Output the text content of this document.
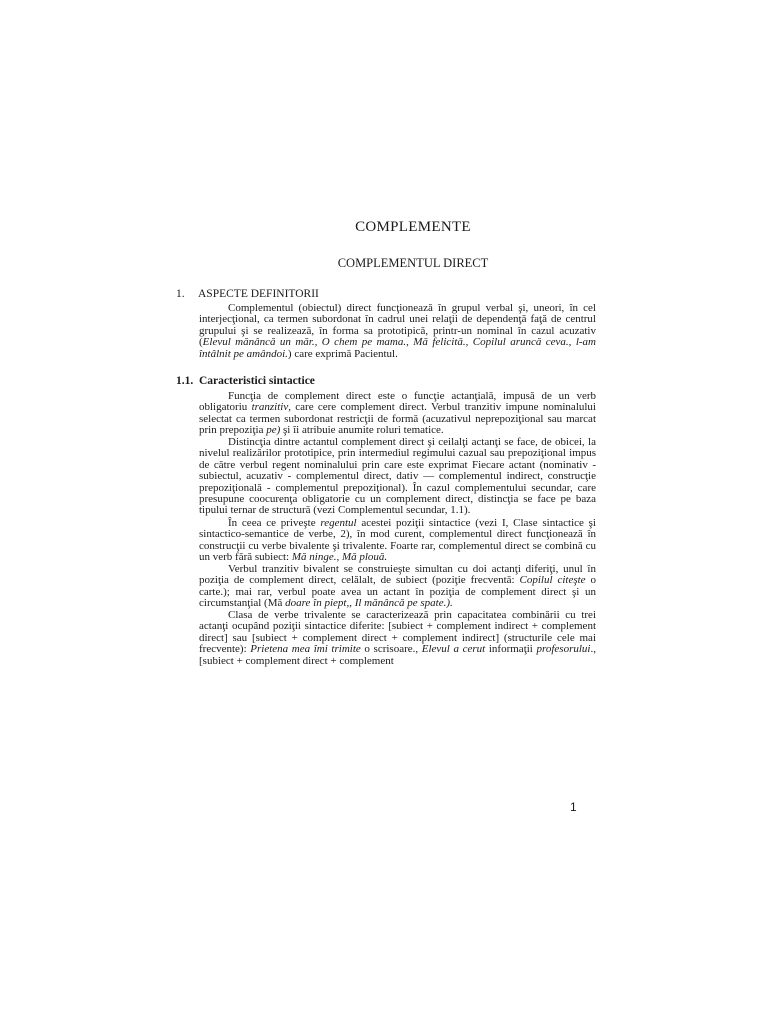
COMPLEMENTE
COMPLEMENTUL DIRECT
1. ASPECTE DEFINITORII

Complementul (obiectul) direct funcţionează în grupul verbal şi, uneori, în cel interjecţional, ca termen subordonat în cadrul unei relaţii de dependenţă faţă de centrul grupului şi se realizează, în forma sa prototipică, printr-un nominal în cazul acuzativ (Elevul mănâncă un măr., O chem pe mama., Mă felicită., Copilul aruncă ceva., l-am întâlnit pe amândoi.) care exprimă Pacientul.

1.1. Caracteristici sintactice

Funcţia de complement direct este o funcţie actanţială, impusă de un verb obligatoriu tranzitiv, care cere complement direct. Verbul tranzitiv impune nominalului selectat ca termen subordonat restricţii de formă (acuzativul neprepoziţional sau marcat prin prepoziţia pe) şi îi atribuie anumite roluri tematice.

Distincţia dintre actantul complement direct şi ceilalţi actanţi se face, de obicei, la nivelul realizărilor prototipice, prin intermediul regimului cazual sau prepoziţional impus de către verbul regent nominalului prin care este exprimat Fiecare actant (nominativ - subiectul, acuzativ - complementul direct, dativ — complementul indirect, construcţie prepoziţională - complementul prepoziţional). În cazul complementului secundar, care presupune coocurenţa obligatorie cu un complement direct, distincţia se face pe baza tipului ternar de structură (vezi Complementul secundar, 1.1).

În ceea ce priveşte regentul acestei poziţii sintactice (vezi I, Clase sintactice şi sintactico-semantice de verbe, 2), în mod curent, complementul direct funcţionează în construcţii cu verbe bivalente şi trivalente. Foarte rar, complementul direct se combină cu un verb fără subiect: Mă ninge., Mă plouă.

Verbul tranzitiv bivalent se construieşte simultan cu doi actanţi diferiţi, unul în poziţia de complement direct, celălalt, de subiect (poziţie frecventă: Copilul citeşte o carte.); mai rar, verbul poate avea un actant în poziţia de complement direct şi un circumstanţial (Mă doare în piept,, Il mănâncă pe spate.).

Clasa de verbe trivalente se caracterizează prin capacitatea combinării cu trei actanţi ocupând poziţii sintactice diferite: [subiect + complement indirect + complement direct] sau [subiect + complement direct + complement indirect] (structurile cele mai frecvente): Prietena mea îmi trimite o scrisoare., Elevul a cerut informaţii profesorului., [subiect + complement direct + complement

1
